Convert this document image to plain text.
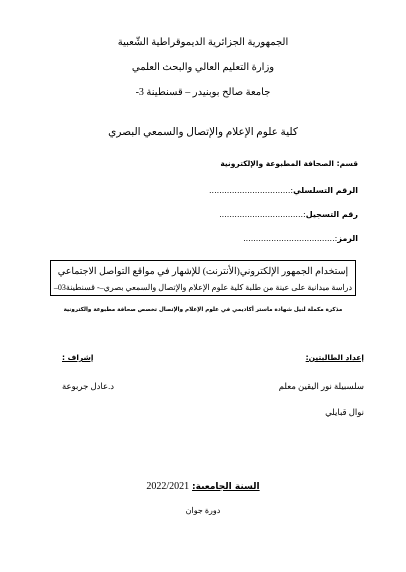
الجمهورية الجزائرية الديموقراطية الشّعبية
وزارة التعليم العالي والبحث العلمي
جامعة صالح بوبنيدر – قسنطينة 3-
كلية علوم الإعلام والإتصال والسمعي البصري
قسم: الصحافة المطبوعة والإلكترونية
الرقم التسلسلي:................................
رقم التسجيل:.................................
الرمز:....................................
إستخدام الجمهور الإلكتروني(الأنترنت) للإشهار في مواقع التواصل الاجتماعي
دراسة ميدانية على عينة من طلبة كلية علوم الإعلام والإتصال والسمعي بصري–- قسنطينة03–
مذكرة مكملة لنيل شهادة ماستر أكاديمي في علوم الإعلام والإتصال تخصص صحافة مطبوعة والكترونية
إعداد الطالبتين:
إشراف :
سلسبيلة نور اليقين معلم
د.عادل جربوعة
نوال قبايلي
السنة الجامعية: 2022/2021
دورة جوان
